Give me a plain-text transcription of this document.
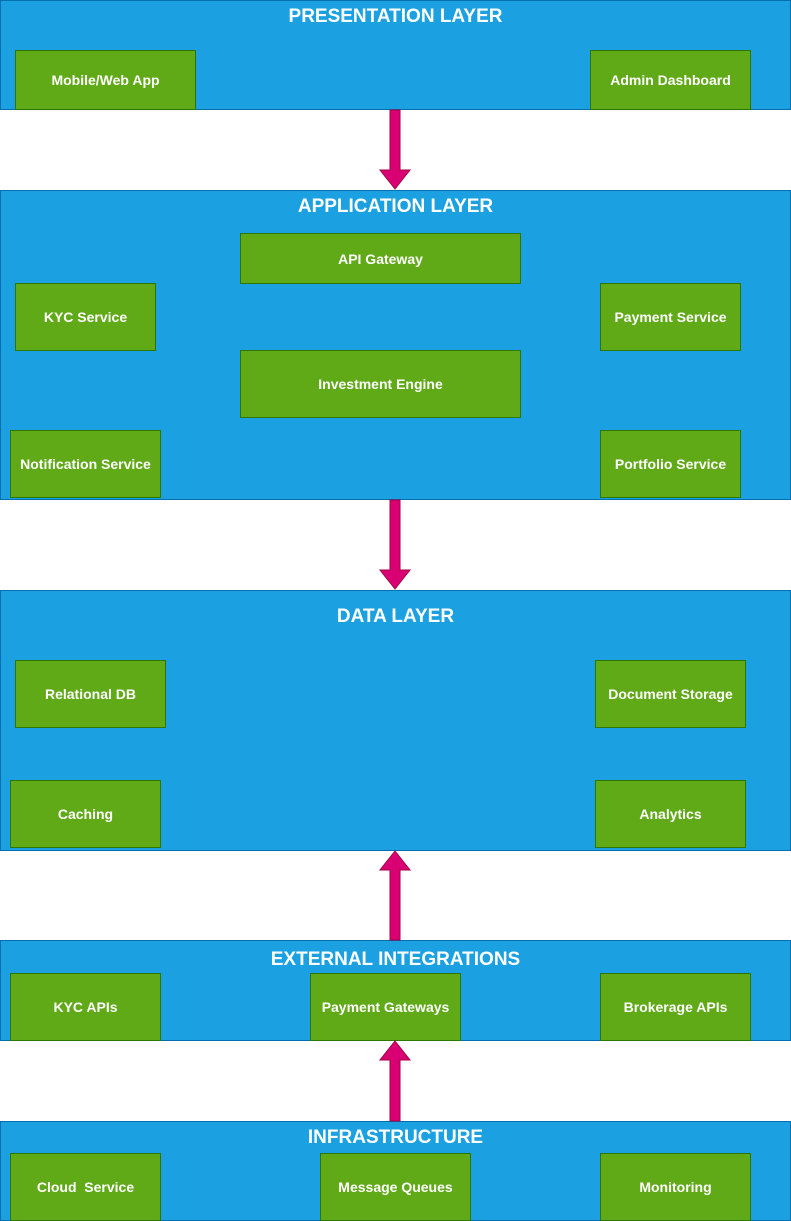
PRESENTATION LAYER
Mobile/Web App	Admin Dashboard
APPLICATION LAYER
API Gateway
KYC Service	Payment Service
Investment Engine
Notification Service	Portfolio Service
DATA LAYER
Relational DB	Document Storage
Caching	Analytics
EXTERNAL INTEGRATIONS
KYC APIs	Payment Gateways	Brokerage APIs
INFRASTRUCTURE
Cloud  Service	Message Queues	Monitoring
